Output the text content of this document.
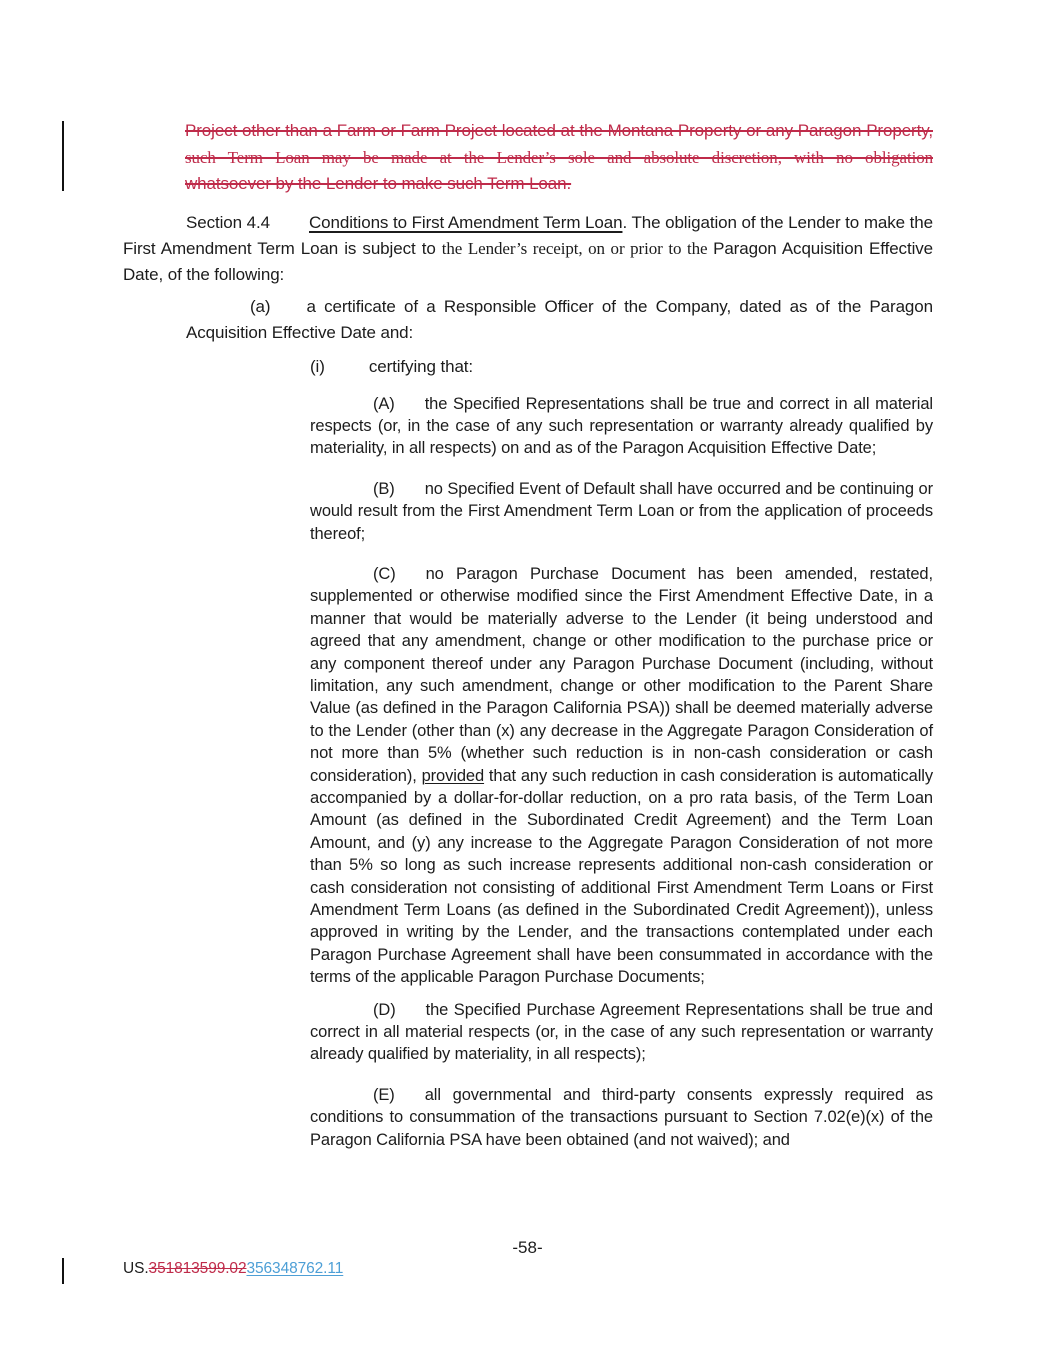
Project other than a Farm or Farm Project located at the Montana Property or any Paragon Property,
such Term Loan may be made at the Lender’s sole and absolute discretion, with no obligation
whatsoever by the Lender to make such Term Loan.

Section 4.4 Conditions to First Amendment Term Loan. The obligation of the Lender to make the First Amendment Term Loan is subject to the Lender’s receipt, on or prior to the Paragon Acquisition Effective Date, of the following:

(a) a certificate of a Responsible Officer of the Company, dated as of the Paragon Acquisition Effective Date and:

(i)	certifying that:

(A) the Specified Representations shall be true and correct in all material respects (or, in the case of any such representation or warranty already qualified by materiality, in all respects) on and as of the Paragon Acquisition Effective Date;

(B) no Specified Event of Default shall have occurred and be continuing or would result from the First Amendment Term Loan or from the application of proceeds thereof;

(C) no Paragon Purchase Document has been amended, restated, supplemented or otherwise modified since the First Amendment Effective Date, in a manner that would be materially adverse to the Lender (it being understood and agreed that any amendment, change or other modification to the purchase price or any component thereof under any Paragon Purchase Document (including, without limitation, any such amendment, change or other modification to the Parent Share Value (as defined in the Paragon California PSA)) shall be deemed materially adverse to the Lender (other than (x) any decrease in the Aggregate Paragon Consideration of not more than 5% (whether such reduction is in non-cash consideration or cash consideration), provided that any such reduction in cash consideration is automatically accompanied by a dollar-for-dollar reduction, on a pro rata basis, of the Term Loan Amount (as defined in the Subordinated Credit Agreement) and the Term Loan Amount, and (y) any increase to the Aggregate Paragon Consideration of not more than 5% so long as such increase represents additional non-cash consideration or cash consideration not consisting of additional First Amendment Term Loans or First Amendment Term Loans (as defined in the Subordinated Credit Agreement)), unless approved in writing by the Lender, and the transactions contemplated under each Paragon Purchase Agreement shall have been consummated in accordance with the terms of the applicable Paragon Purchase Documents;

(D) the Specified Purchase Agreement Representations shall be true and correct in all material respects (or, in the case of any such representation or warranty already qualified by materiality, in all respects);

(E) all governmental and third-party consents expressly required as conditions to consummation of the transactions pursuant to Section 7.02(e)(x) of the Paragon California PSA have been obtained (and not waived); and

-58-
US.351813599.02356348762.11
